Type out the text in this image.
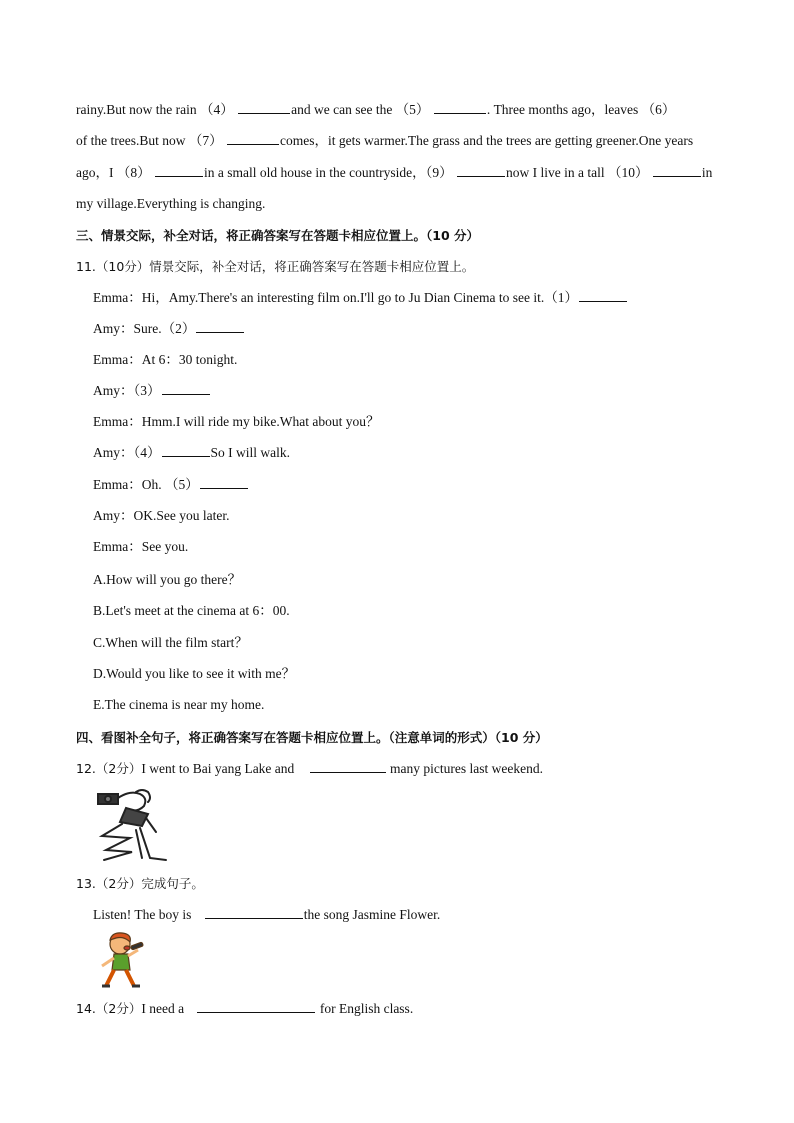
rainy.But now the rain （4）	and we can see the （5）	. Three months ago，leaves （6）
of the trees.But now （7）	comes，it gets warmer.The grass and the trees are getting greener.One years
ago，I （8）	in a small old house in the countryside，（9）	now I live in a tall （10）	in
my village.Everything is changing.
三、情景交际，补全对话，将正确答案写在答题卡相应位置上。（10 分）
11.（10分）情景交际，补全对话，将正确答案写在答题卡相应位置上。
Emma：Hi，Amy.There's an interesting film on.I'll go to Ju Dian Cinema to see it.（1）
Amy：Sure.（2）
Emma：At 6：30 tonight.
Amy：（3）
Emma：Hmm.I will ride my bike.What about you？
Amy：（4）	So I will walk.
Emma：Oh. （5）
Amy：OK.See you later.
Emma：See you.
A.How will you go there？
B.Let's meet at the cinema at 6：00.
C.When will the film start？
D.Would you like to see it with me？
E.The cinema is near my home.
四、看图补全句子，将正确答案写在答题卡相应位置上。（注意单词的形式）（10 分）
12.（2分）I went to Bai yang Lake and	many pictures last weekend.
13.（2分）完成句子。
Listen! The boy is	the song Jasmine Flower.
14.（2分）I need a	for English class.
